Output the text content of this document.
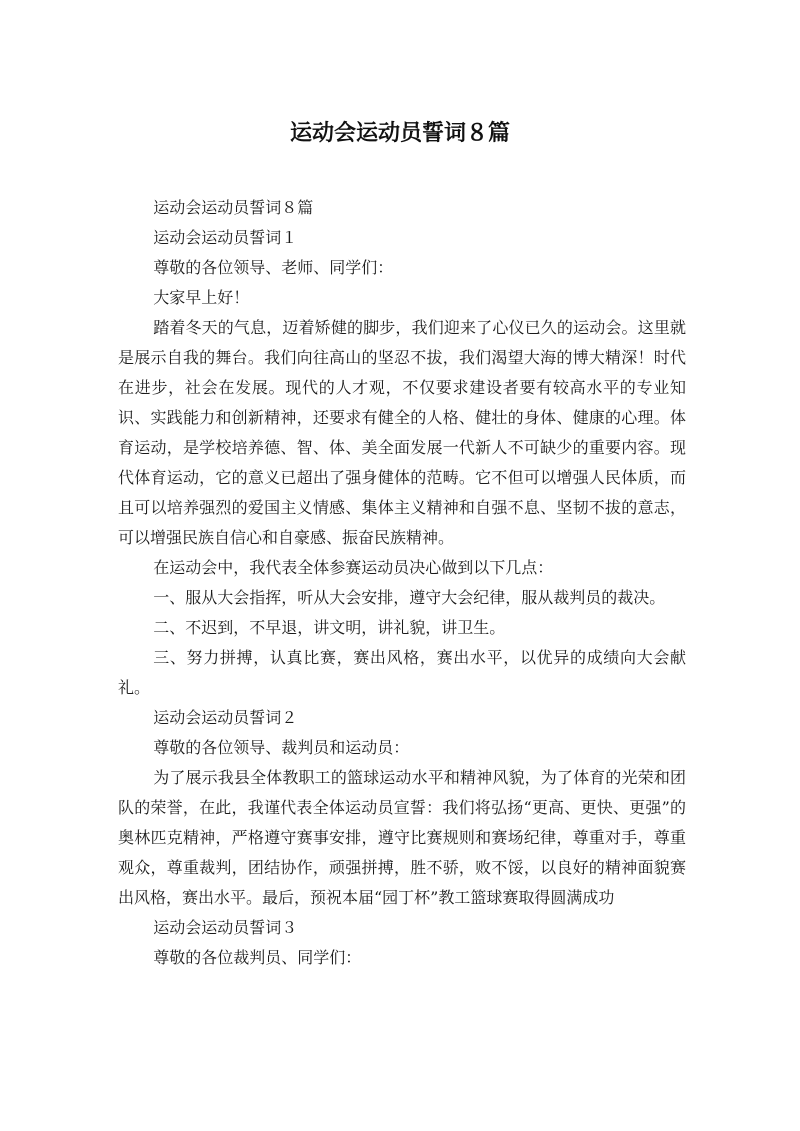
运动会运动员誓词８篇

运动会运动员誓词８篇

运动会运动员誓词１

尊敬的各位领导、老师、同学们：

大家早上好！

踏着冬天的气息，迈着矫健的脚步，我们迎来了心仪已久的运动会。这里就是展示自我的舞台。我们向往高山的坚忍不拔，我们渴望大海的博大精深！时代在进步，社会在发展。现代的人才观，不仅要求建设者要有较高水平的专业知识、实践能力和创新精神，还要求有健全的人格、健壮的身体、健康的心理。体育运动，是学校培养德、智、体、美全面发展一代新人不可缺少的重要内容。现代体育运动，它的意义已超出了强身健体的范畴。它不但可以增强人民体质，而且可以培养强烈的爱国主义情感、集体主义精神和自强不息、坚韧不拔的意志，可以增强民族自信心和自豪感、振奋民族精神。

在运动会中，我代表全体参赛运动员决心做到以下几点：

一、服从大会指挥，听从大会安排，遵守大会纪律，服从裁判员的裁决。

二、不迟到，不早退，讲文明，讲礼貌，讲卫生。

三、努力拼搏，认真比赛，赛出风格，赛出水平，以优异的成绩向大会献礼。

运动会运动员誓词２

尊敬的各位领导、裁判员和运动员：

为了展示我县全体教职工的篮球运动水平和精神风貌，为了体育的光荣和团队的荣誉，在此，我谨代表全体运动员宣誓：我们将弘扬“更高、更快、更强”的奥林匹克精神，严格遵守赛事安排，遵守比赛规则和赛场纪律，尊重对手，尊重观众，尊重裁判，团结协作，顽强拼搏，胜不骄，败不馁，以良好的精神面貌赛出风格，赛出水平。最后，预祝本届“园丁杯”教工篮球赛取得圆满成功

运动会运动员誓词３

尊敬的各位裁判员、同学们：
